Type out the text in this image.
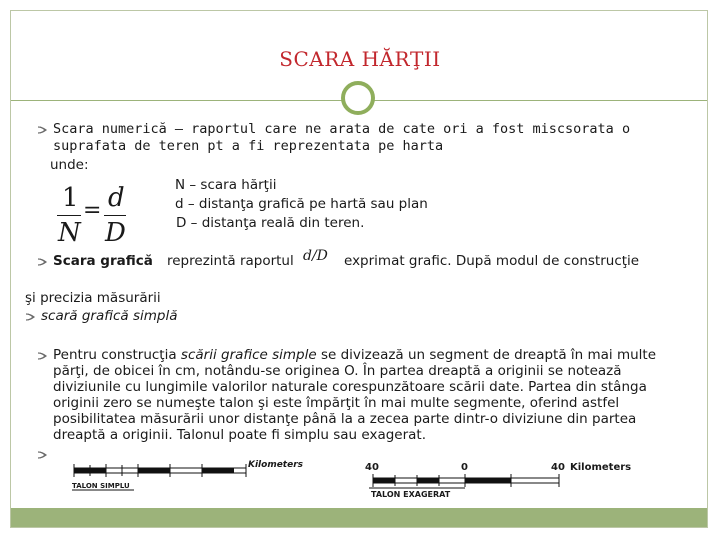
SCARA HĂRŢII
Scara numerică – raportul care ne arata de cate ori a fost miscsorata o
suprafata de teren pt a fi reprezentata pe harta
unde:
1
N
= d
D
N – scara hărţii
d – distanţa grafică pe hartă sau plan
D – distanţa reală din teren.
Scara grafică reprezintă raportul d/D exprimat grafic. După modul de construcţie
şi precizia măsurării
scară grafică simplă
Pentru construcţia scării grafice simple se divizează un segment de dreaptă în mai multe
părţi, de obicei în cm, notându-se originea O. În partea dreaptă a originii se notează
diviziunile cu lungimile valorilor naturale corespunzătoare scării date. Partea din stânga
originii zero se numeşte talon şi este împărţit în mai multe segmente, oferind astfel
posibilitatea măsurării unor distanţe până la a zecea parte dintr-o diviziune din partea
dreaptă a originii. Talonul poate fi simplu sau exagerat.
Kilometers
TALON SIMPLU
40	0	40 Kilometers
TALON EXAGERAT
